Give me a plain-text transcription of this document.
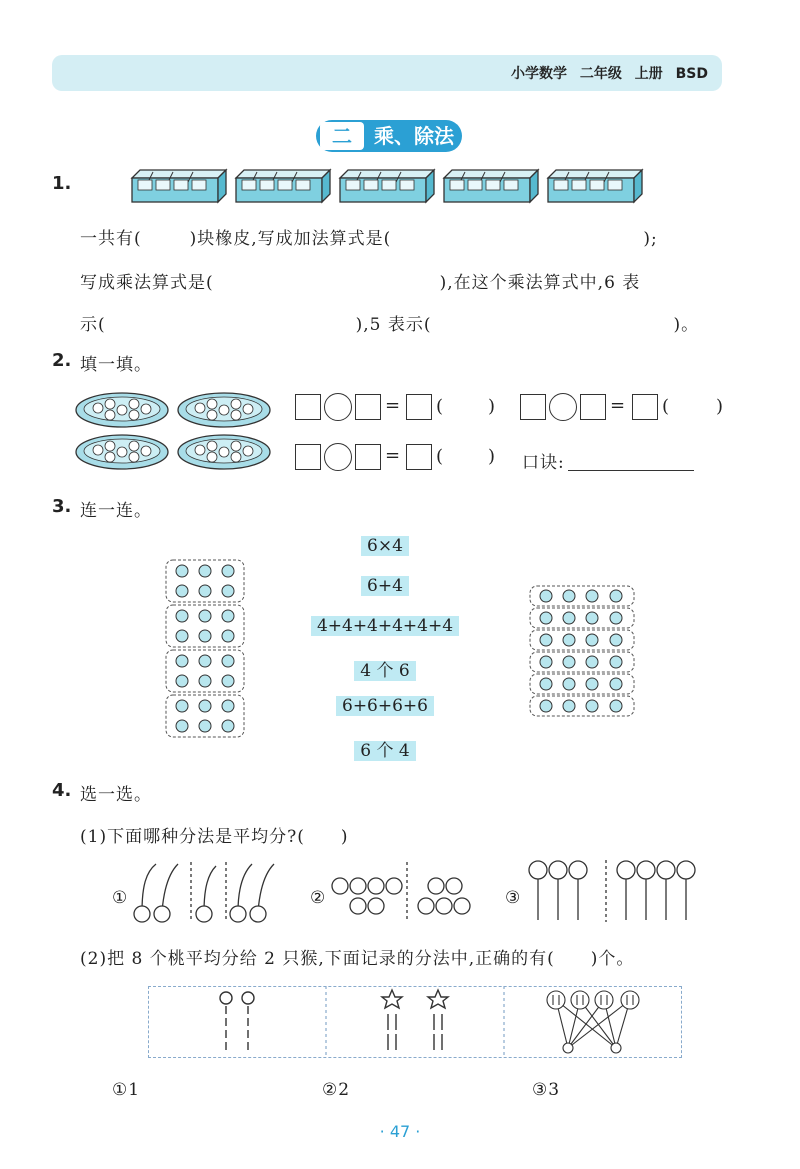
小学数学 二年级 上册 BSD
二	乘、除法
1.
一共有(	)块橡皮,写成加法算式是(	);
写成乘法算式是(	),在这个乘法算式中,6 表
示(	),5 表示(	)。
2. 填一填。
= ( )	= (	)
= ( ) 口诀:
3. 连一连。
6×4
6+4
4+4+4+4+4+4
4 个 6
6+6+6+6
6 个 4
4. 选一选。
(1)下面哪种分法是平均分?(　　)
①	②	③
(2)把 8 个桃平均分给 2 只猴,下面记录的分法中,正确的有(　　)个。
①1	②2	③3
· 47 ·
